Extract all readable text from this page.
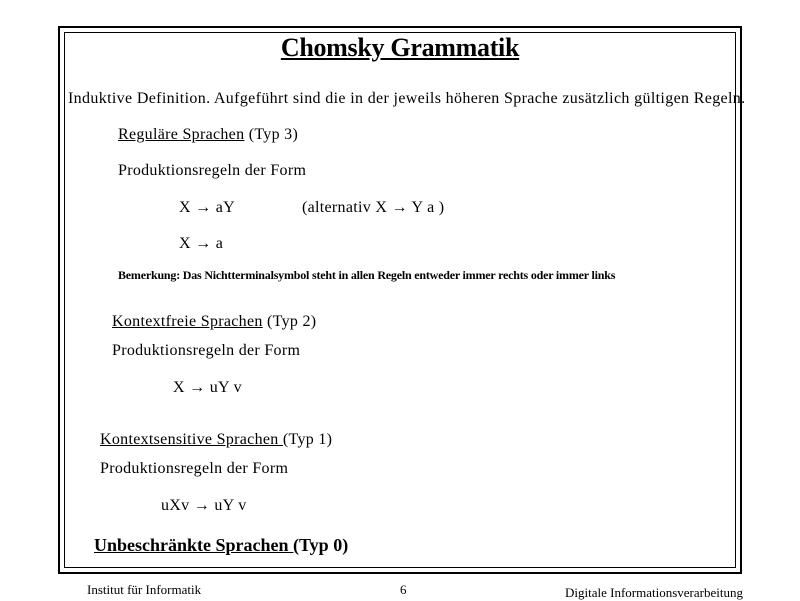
Chomsky Grammatik
Induktive Definition. Aufgeführt sind die in der jeweils höheren Sprache zusätzlich gültigen Regeln.
Reguläre Sprachen (Typ 3)
Produktionsregeln der Form
X → aY	(alternativ X → Y a )
X → a
Bemerkung: Das Nichtterminalsymbol steht in allen Regeln entweder immer rechts oder immer links
Kontextfreie Sprachen (Typ 2)
Produktionsregeln der Form
X → uY v
Kontextsensitive Sprachen (Typ 1)
Produktionsregeln der Form
uXv → uY v
Unbeschränkte Sprachen (Typ 0)
Institut für Informatik	6	Digitale Informationsverarbeitung
